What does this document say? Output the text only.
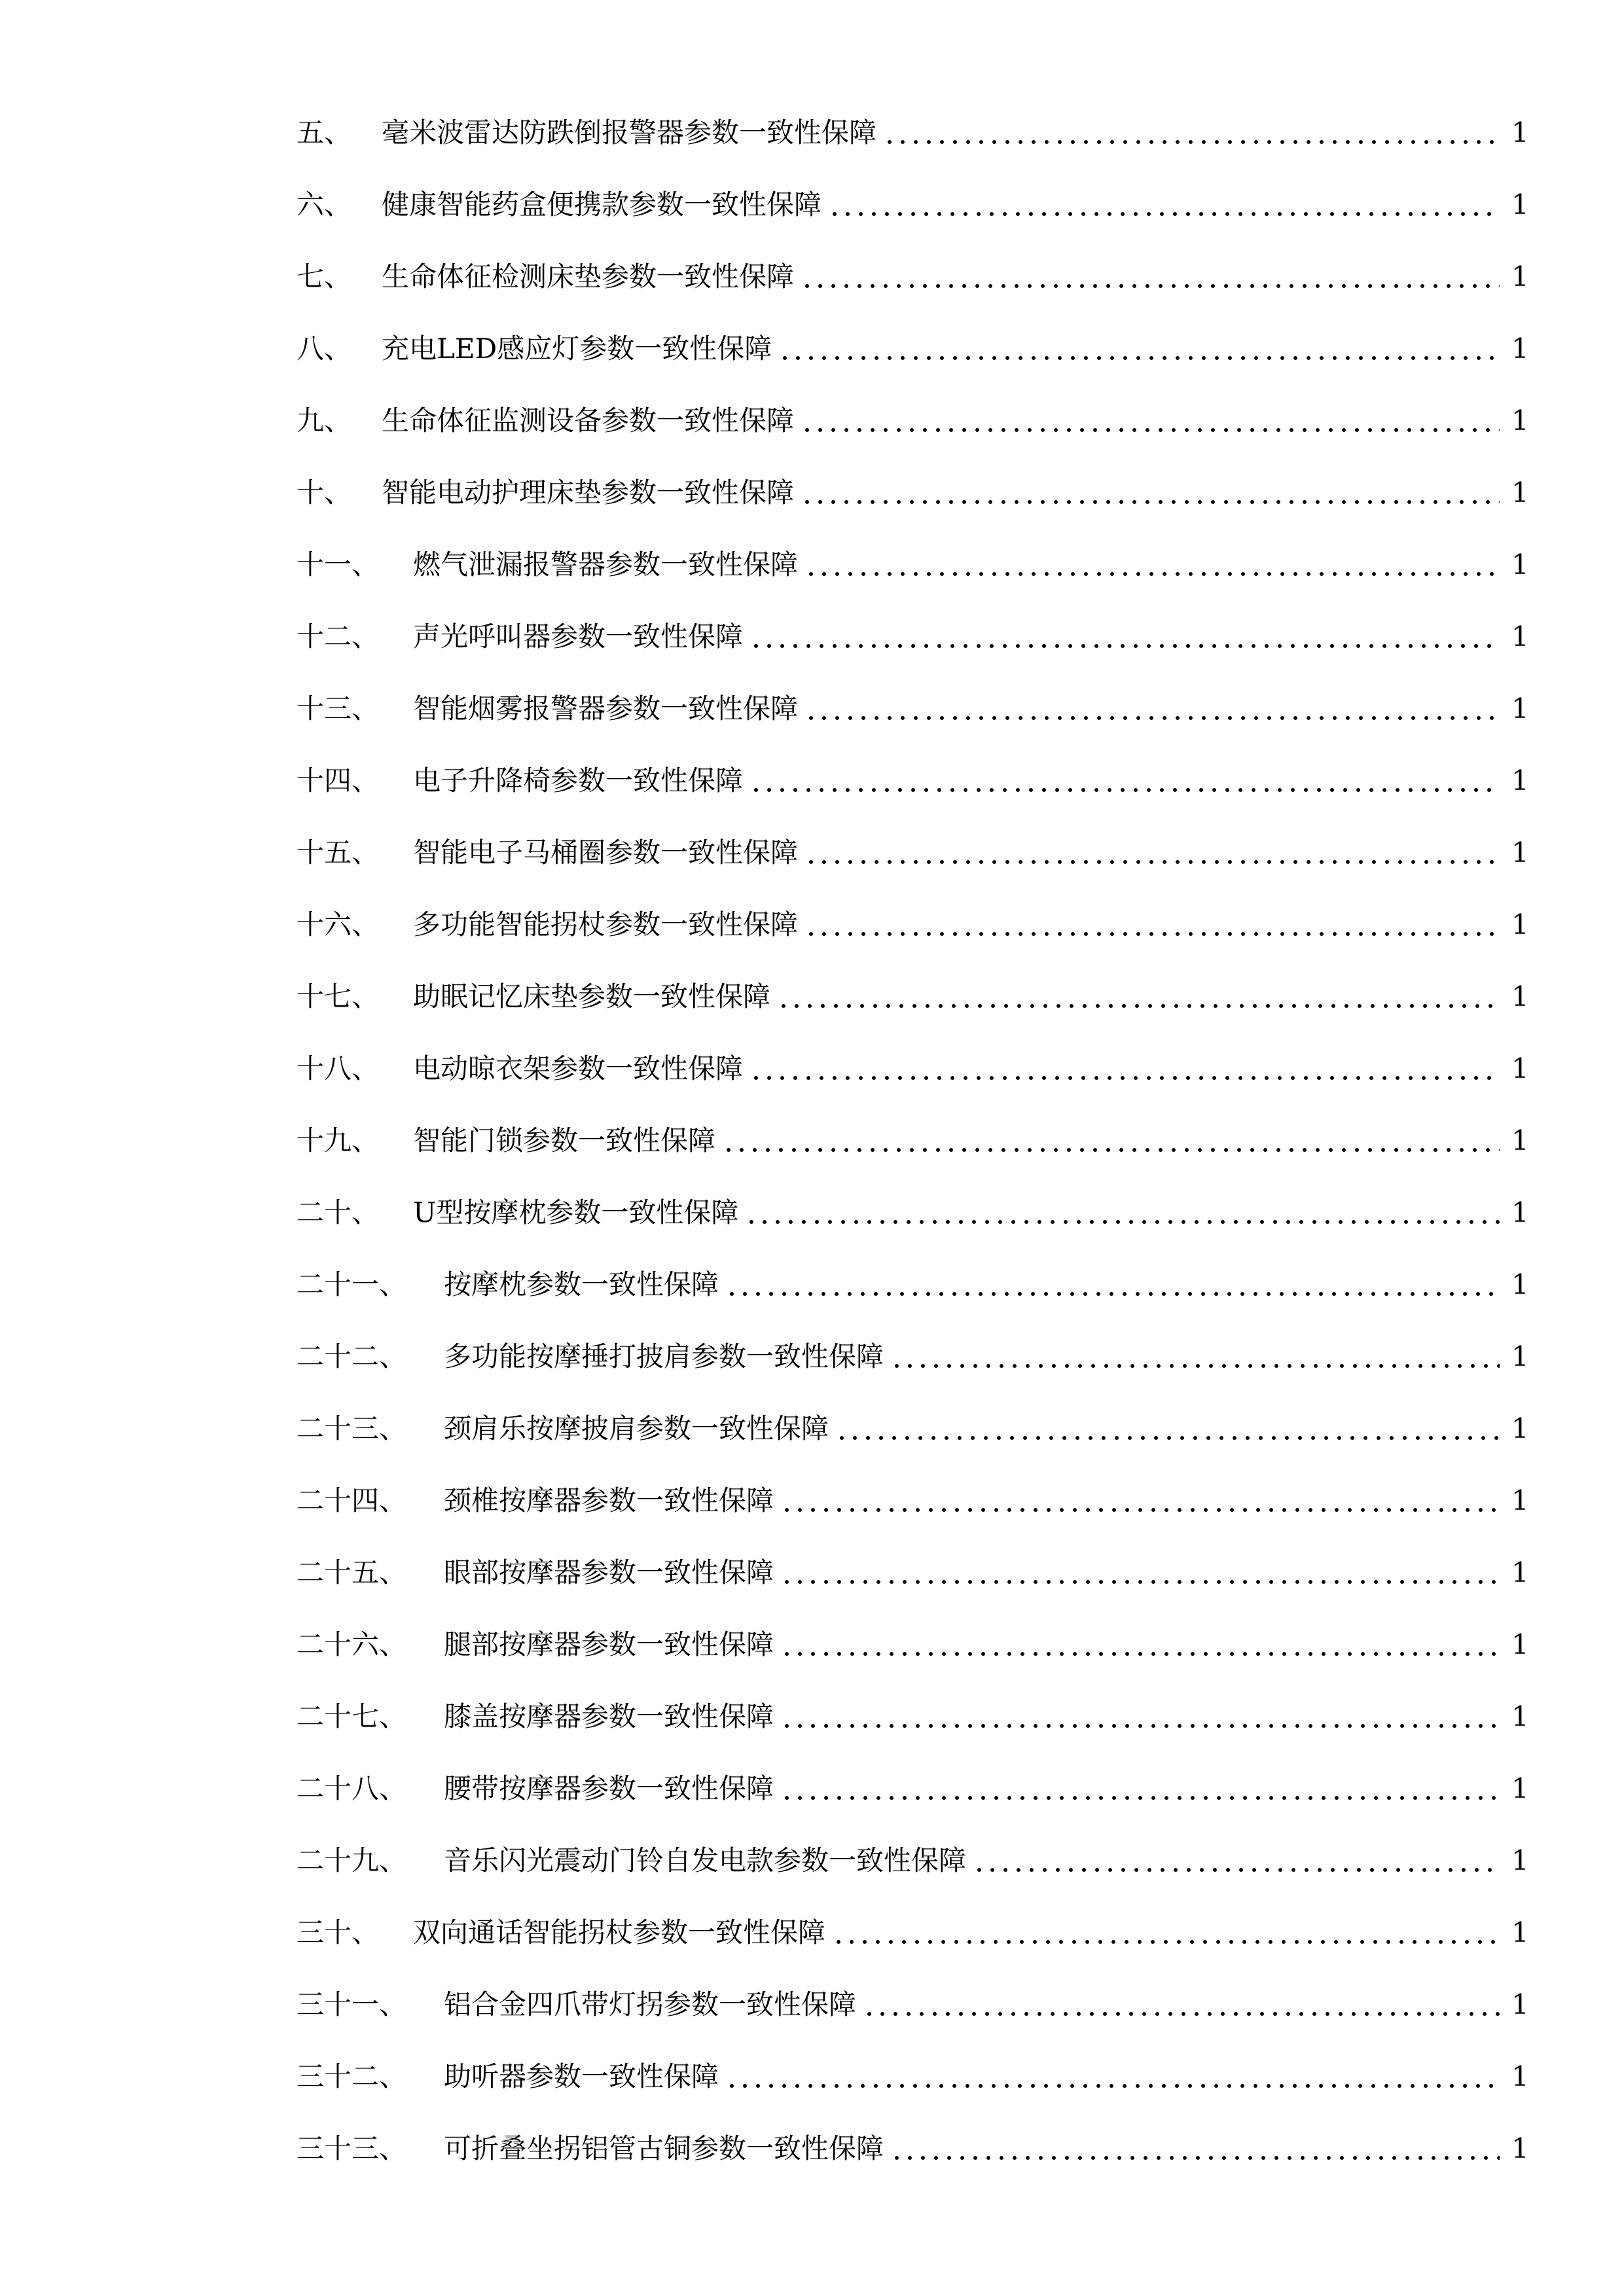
五、	毫米波雷达防跌倒报警器参数一致性保障	1
六、	健康智能药盒便携款参数一致性保障	1
七、	生命体征检测床垫参数一致性保障	1
八、	充电LED感应灯参数一致性保障	1
九、	生命体征监测设备参数一致性保障	1
十、	智能电动护理床垫参数一致性保障	1
十一、	燃气泄漏报警器参数一致性保障	1
十二、	声光呼叫器参数一致性保障	1
十三、	智能烟雾报警器参数一致性保障	1
十四、	电子升降椅参数一致性保障	1
十五、	智能电子马桶圈参数一致性保障	1
十六、	多功能智能拐杖参数一致性保障	1
十七、	助眠记忆床垫参数一致性保障	1
十八、	电动晾衣架参数一致性保障	1
十九、	智能门锁参数一致性保障	1
二十、	U型按摩枕参数一致性保障	1
二十一、	按摩枕参数一致性保障	1
二十二、	多功能按摩捶打披肩参数一致性保障	1
二十三、	颈肩乐按摩披肩参数一致性保障	1
二十四、	颈椎按摩器参数一致性保障	1
二十五、	眼部按摩器参数一致性保障	1
二十六、	腿部按摩器参数一致性保障	1
二十七、	膝盖按摩器参数一致性保障	1
二十八、	腰带按摩器参数一致性保障	1
二十九、	音乐闪光震动门铃自发电款参数一致性保障	1
三十、	双向通话智能拐杖参数一致性保障	1
三十一、	铝合金四爪带灯拐参数一致性保障	1
三十二、	助听器参数一致性保障	1
三十三、	可折叠坐拐铝管古铜参数一致性保障	1
